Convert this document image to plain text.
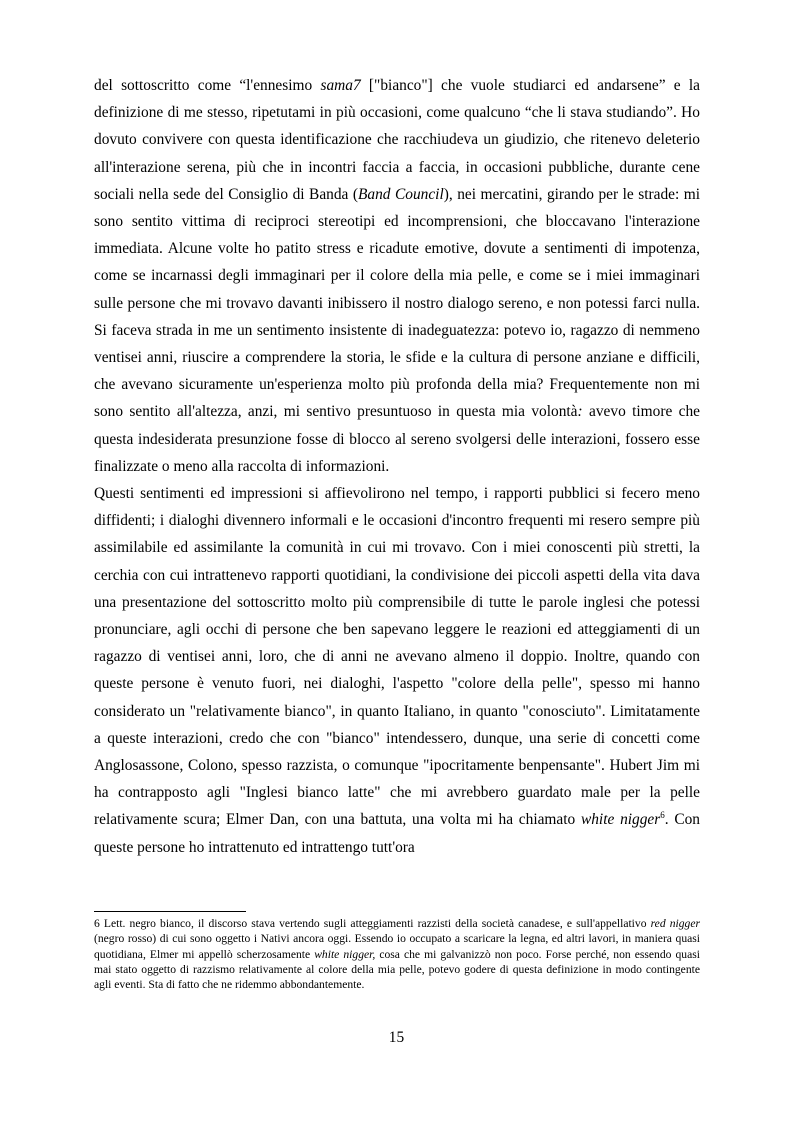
del sottoscritto come “l'ennesimo sama7 ["bianco"] che vuole studiarci ed andarsene” e la definizione di me stesso, ripetutami in più occasioni, come qualcuno “che li stava studiando”. Ho dovuto convivere con questa identificazione che racchiudeva un giudizio, che ritenevo deleterio all'interazione serena, più che in incontri faccia a faccia, in occasioni pubbliche, durante cene sociali nella sede del Consiglio di Banda (Band Council), nei mercatini, girando per le strade: mi sono sentito vittima di reciproci stereotipi ed incomprensioni, che bloccavano l'interazione immediata. Alcune volte ho patito stress e ricadute emotive, dovute a sentimenti di impotenza, come se incarnassi degli immaginari per il colore della mia pelle, e come se i miei immaginari sulle persone che mi trovavo davanti inibissero il nostro dialogo sereno, e non potessi farci nulla. Si faceva strada in me un sentimento insistente di inadeguatezza: potevo io, ragazzo di nemmeno ventisei anni, riuscire a comprendere la storia, le sfide e la cultura di persone anziane e difficili, che avevano sicuramente un'esperienza molto più profonda della mia? Frequentemente non mi sono sentito all'altezza, anzi, mi sentivo presuntuoso in questa mia volontà: avevo timore che questa indesiderata presunzione fosse di blocco al sereno svolgersi delle interazioni, fossero esse finalizzate o meno alla raccolta di informazioni.

Questi sentimenti ed impressioni si affievolirono nel tempo, i rapporti pubblici si fecero meno diffidenti; i dialoghi divennero informali e le occasioni d'incontro frequenti mi resero sempre più assimilabile ed assimilante la comunità in cui mi trovavo. Con i miei conoscenti più stretti, la cerchia con cui intrattenevo rapporti quotidiani, la condivisione dei piccoli aspetti della vita dava una presentazione del sottoscritto molto più comprensibile di tutte le parole inglesi che potessi pronunciare, agli occhi di persone che ben sapevano leggere le reazioni ed atteggiamenti di un ragazzo di ventisei anni, loro, che di anni ne avevano almeno il doppio. Inoltre, quando con queste persone è venuto fuori, nei dialoghi, l'aspetto "colore della pelle", spesso mi hanno considerato un "relativamente bianco", in quanto Italiano, in quanto "conosciuto". Limitatamente a queste interazioni, credo che con "bianco" intendessero, dunque, una serie di concetti come Anglosassone, Colono, spesso razzista, o comunque "ipocritamente benpensante". Hubert Jim mi ha contrapposto agli "Inglesi bianco latte" che mi avrebbero guardato male per la pelle relativamente scura; Elmer Dan, con una battuta, una volta mi ha chiamato white nigger$^6$. Con queste persone ho intrattenuto ed intrattengo tutt'ora

6 Lett. negro bianco, il discorso stava vertendo sugli atteggiamenti razzisti della società canadese, e sull'appellativo red nigger (negro rosso) di cui sono oggetto i Nativi ancora oggi. Essendo io occupato a scaricare la legna, ed altri lavori, in maniera quasi quotidiana, Elmer mi appellò scherzosamente white nigger, cosa che mi galvanizzò non poco. Forse perché, non essendo quasi mai stato oggetto di razzismo relativamente al colore della mia pelle, potevo godere di questa definizione in modo contingente agli eventi. Sta di fatto che ne ridemmo abbondantemente.

15
